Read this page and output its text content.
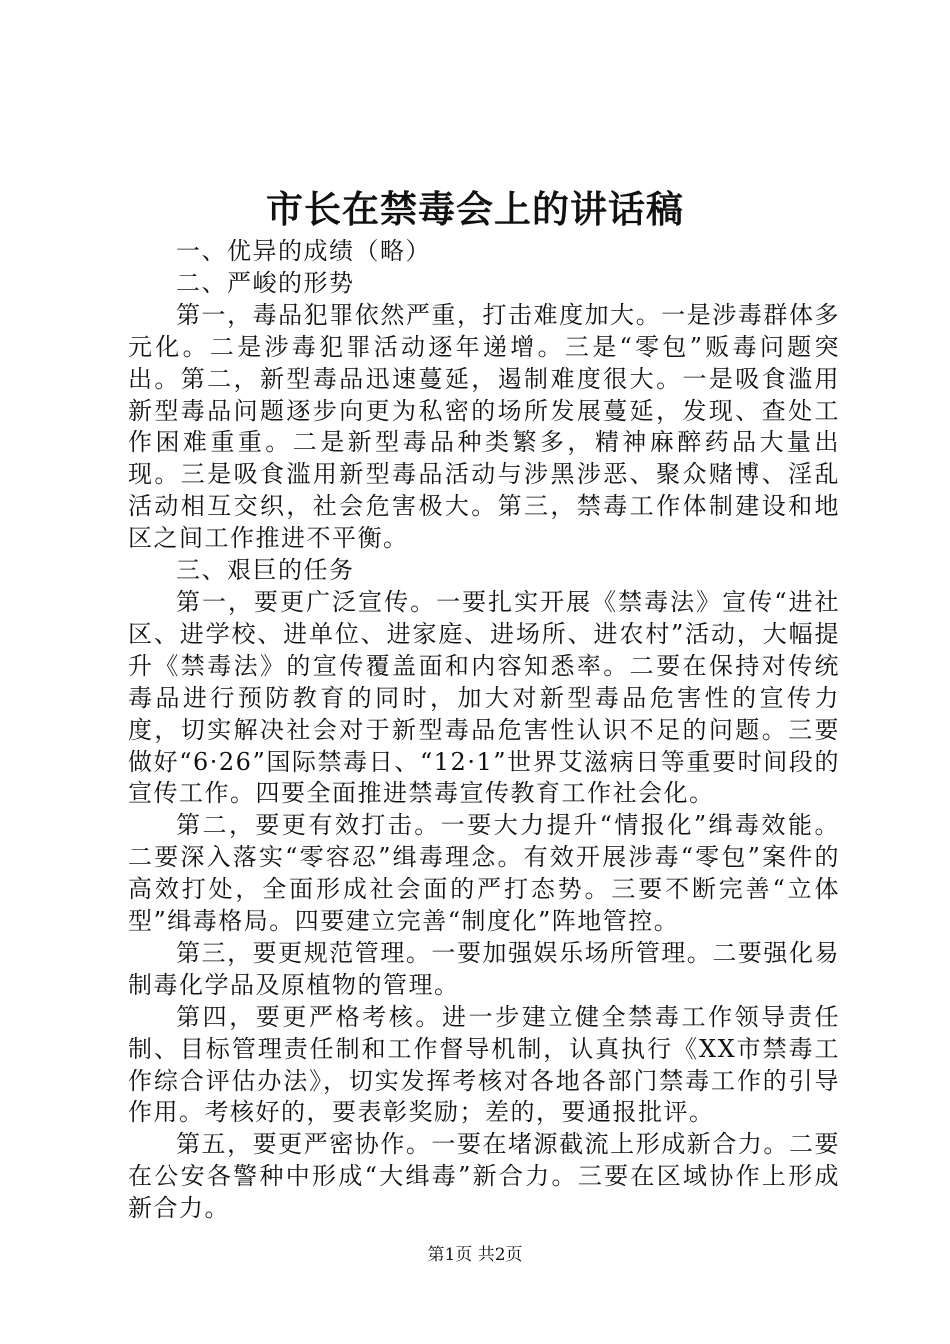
市长在禁毒会上的讲话稿

一、优异的成绩（略）

二、严峻的形势

第一，毒品犯罪依然严重，打击难度加大。一是涉毒群体多元化。二是涉毒犯罪活动逐年递增。三是“零包”贩毒问题突出。第二，新型毒品迅速蔓延，遏制难度很大。一是吸食滥用新型毒品问题逐步向更为私密的场所发展蔓延，发现、查处工作困难重重。二是新型毒品种类繁多，精神麻醉药品大量出现。三是吸食滥用新型毒品活动与涉黑涉恶、聚众赌博、淫乱活动相互交织，社会危害极大。第三，禁毒工作体制建设和地区之间工作推进不平衡。

三、艰巨的任务

第一，要更广泛宣传。一要扎实开展《禁毒法》宣传“进社区、进学校、进单位、进家庭、进场所、进农村”活动，大幅提升《禁毒法》的宣传覆盖面和内容知悉率。二要在保持对传统毒品进行预防教育的同时，加大对新型毒品危害性的宣传力度，切实解决社会对于新型毒品危害性认识不足的问题。三要做好“6·26”国际禁毒日、“12·1”世界艾滋病日等重要时间段的宣传工作。四要全面推进禁毒宣传教育工作社会化。

第二，要更有效打击。一要大力提升“情报化”缉毒效能。二要深入落实“零容忍”缉毒理念。有效开展涉毒“零包”案件的高效打处，全面形成社会面的严打态势。三要不断完善“立体型”缉毒格局。四要建立完善“制度化”阵地管控。

第三，要更规范管理。一要加强娱乐场所管理。二要强化易制毒化学品及原植物的管理。

第四，要更严格考核。进一步建立健全禁毒工作领导责任制、目标管理责任制和工作督导机制，认真执行《XX市禁毒工作综合评估办法》，切实发挥考核对各地各部门禁毒工作的引导作用。考核好的，要表彰奖励；差的，要通报批评。

第五，要更严密协作。一要在堵源截流上形成新合力。二要在公安各警种中形成“大缉毒”新合力。三要在区域协作上形成新合力。

第1页 共2页
